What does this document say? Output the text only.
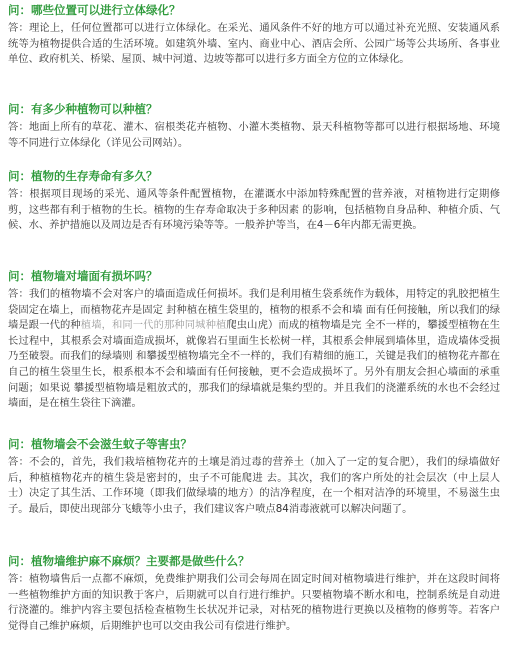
问：哪些位置可以进行立体绿化？

答：理论上，任何位置都可以进行立体绿化。在采光、通风条件不好的地方可以通过补充光照、安装通风系统等为植物提供合适的生活环境。如建筑外墙、室内、商业中心、酒店会所、公园广场等公共场所、各事业单位、政府机关、桥梁、屋顶、城中河道、边坡等都可以进行多方面全方位的立体绿化。

问：有多少种植物可以种植？

答：地面上所有的草花、灌木、宿根类花卉植物、小灌木类植物、景天科植物等都可以进行根据场地、环境等不同进行立体绿化（详见公司网站）。

问：植物的生存寿命有多久？

答：根据项目现场的采光、通风等条件配置植物，在灌溉水中添加特殊配置的营养液，对植物进行定期修剪，这些都有利于植物的生长。植物的生存寿命取决于多种因素 的影响，包括植物自身品种、种植介质、气候、水、养护措施以及周边是否有环境污染等等。一般养护等当，在4－6年内都无需更换。

问：植物墙对墙面有损坏吗？

答：我们的植物墙不会对客户的墙面造成任何损坏。我们是利用植生袋系统作为载体，用特定的乳胶把植生袋固定在墙上，而植物花卉是固定 封种植在植生袋里的，植物的根系不会和墙 面有任何接触，所以我们的绿墙是跟一代的种植墙，和同一代的那种同城种植爬虫山虎）而成的植物墙是完 全不一样的，攀援型植物在生长过程中，其根系会对墙面造成损坏，就像岩石里面生长松树一样，其根系会伸展到墙体里，造成墙体受损乃至破裂。而我们的绿墙则 和攀援型植物墙完全不一样的，我们有精细的施工，关键是我们的植物花卉都在自己的植生袋里生长，根系根本不会和墙面有任何接触，更不会造成损坏了。另外有朋友会担心墙面的承重问题；如果说 攀援型植物墙是粗放式的，那我们的绿墙就是集约型的。并且我们的浇灌系统的水也不会经过墙面，是在植生袋往下滴灌。

问：植物墙会不会滋生蚊子等害虫？

答：不会的，首先，我们栽培植物花卉的土壤是消过毒的营养土（加入了一定的复合肥），我们的绿墙做好后，种植植物花卉的植生袋是密封的，虫子不可能爬进 去。其次，我们的客户所处的社会层次（中上层人士）决定了其生活、工作环境（即我们做绿墙的地方）的洁净程度，在一个相对洁净的环境里，不易滋生虫子。最后，即使出现部分飞蛾等小虫子，我们建议客户喷点84消毒液就可以解决问题了。

问：植物墙维护麻不麻烦？主要都是做些什么？

答：植物墙售后一点都不麻烦，免费维护期我们公司会每周在固定时间对植物墙进行维护，并在这段时间将一些植物维护方面的知识教于客户，后期就可以自行进行维护。只要植物墙不断水和电，控制系统是自动进行浇灌的。维护内容主要包括检查植物生长状况并记录，对枯死的植物进行更换以及植物的修剪等。若客户觉得自己维护麻烦，后期维护也可以交由我公司有偿进行维护。
